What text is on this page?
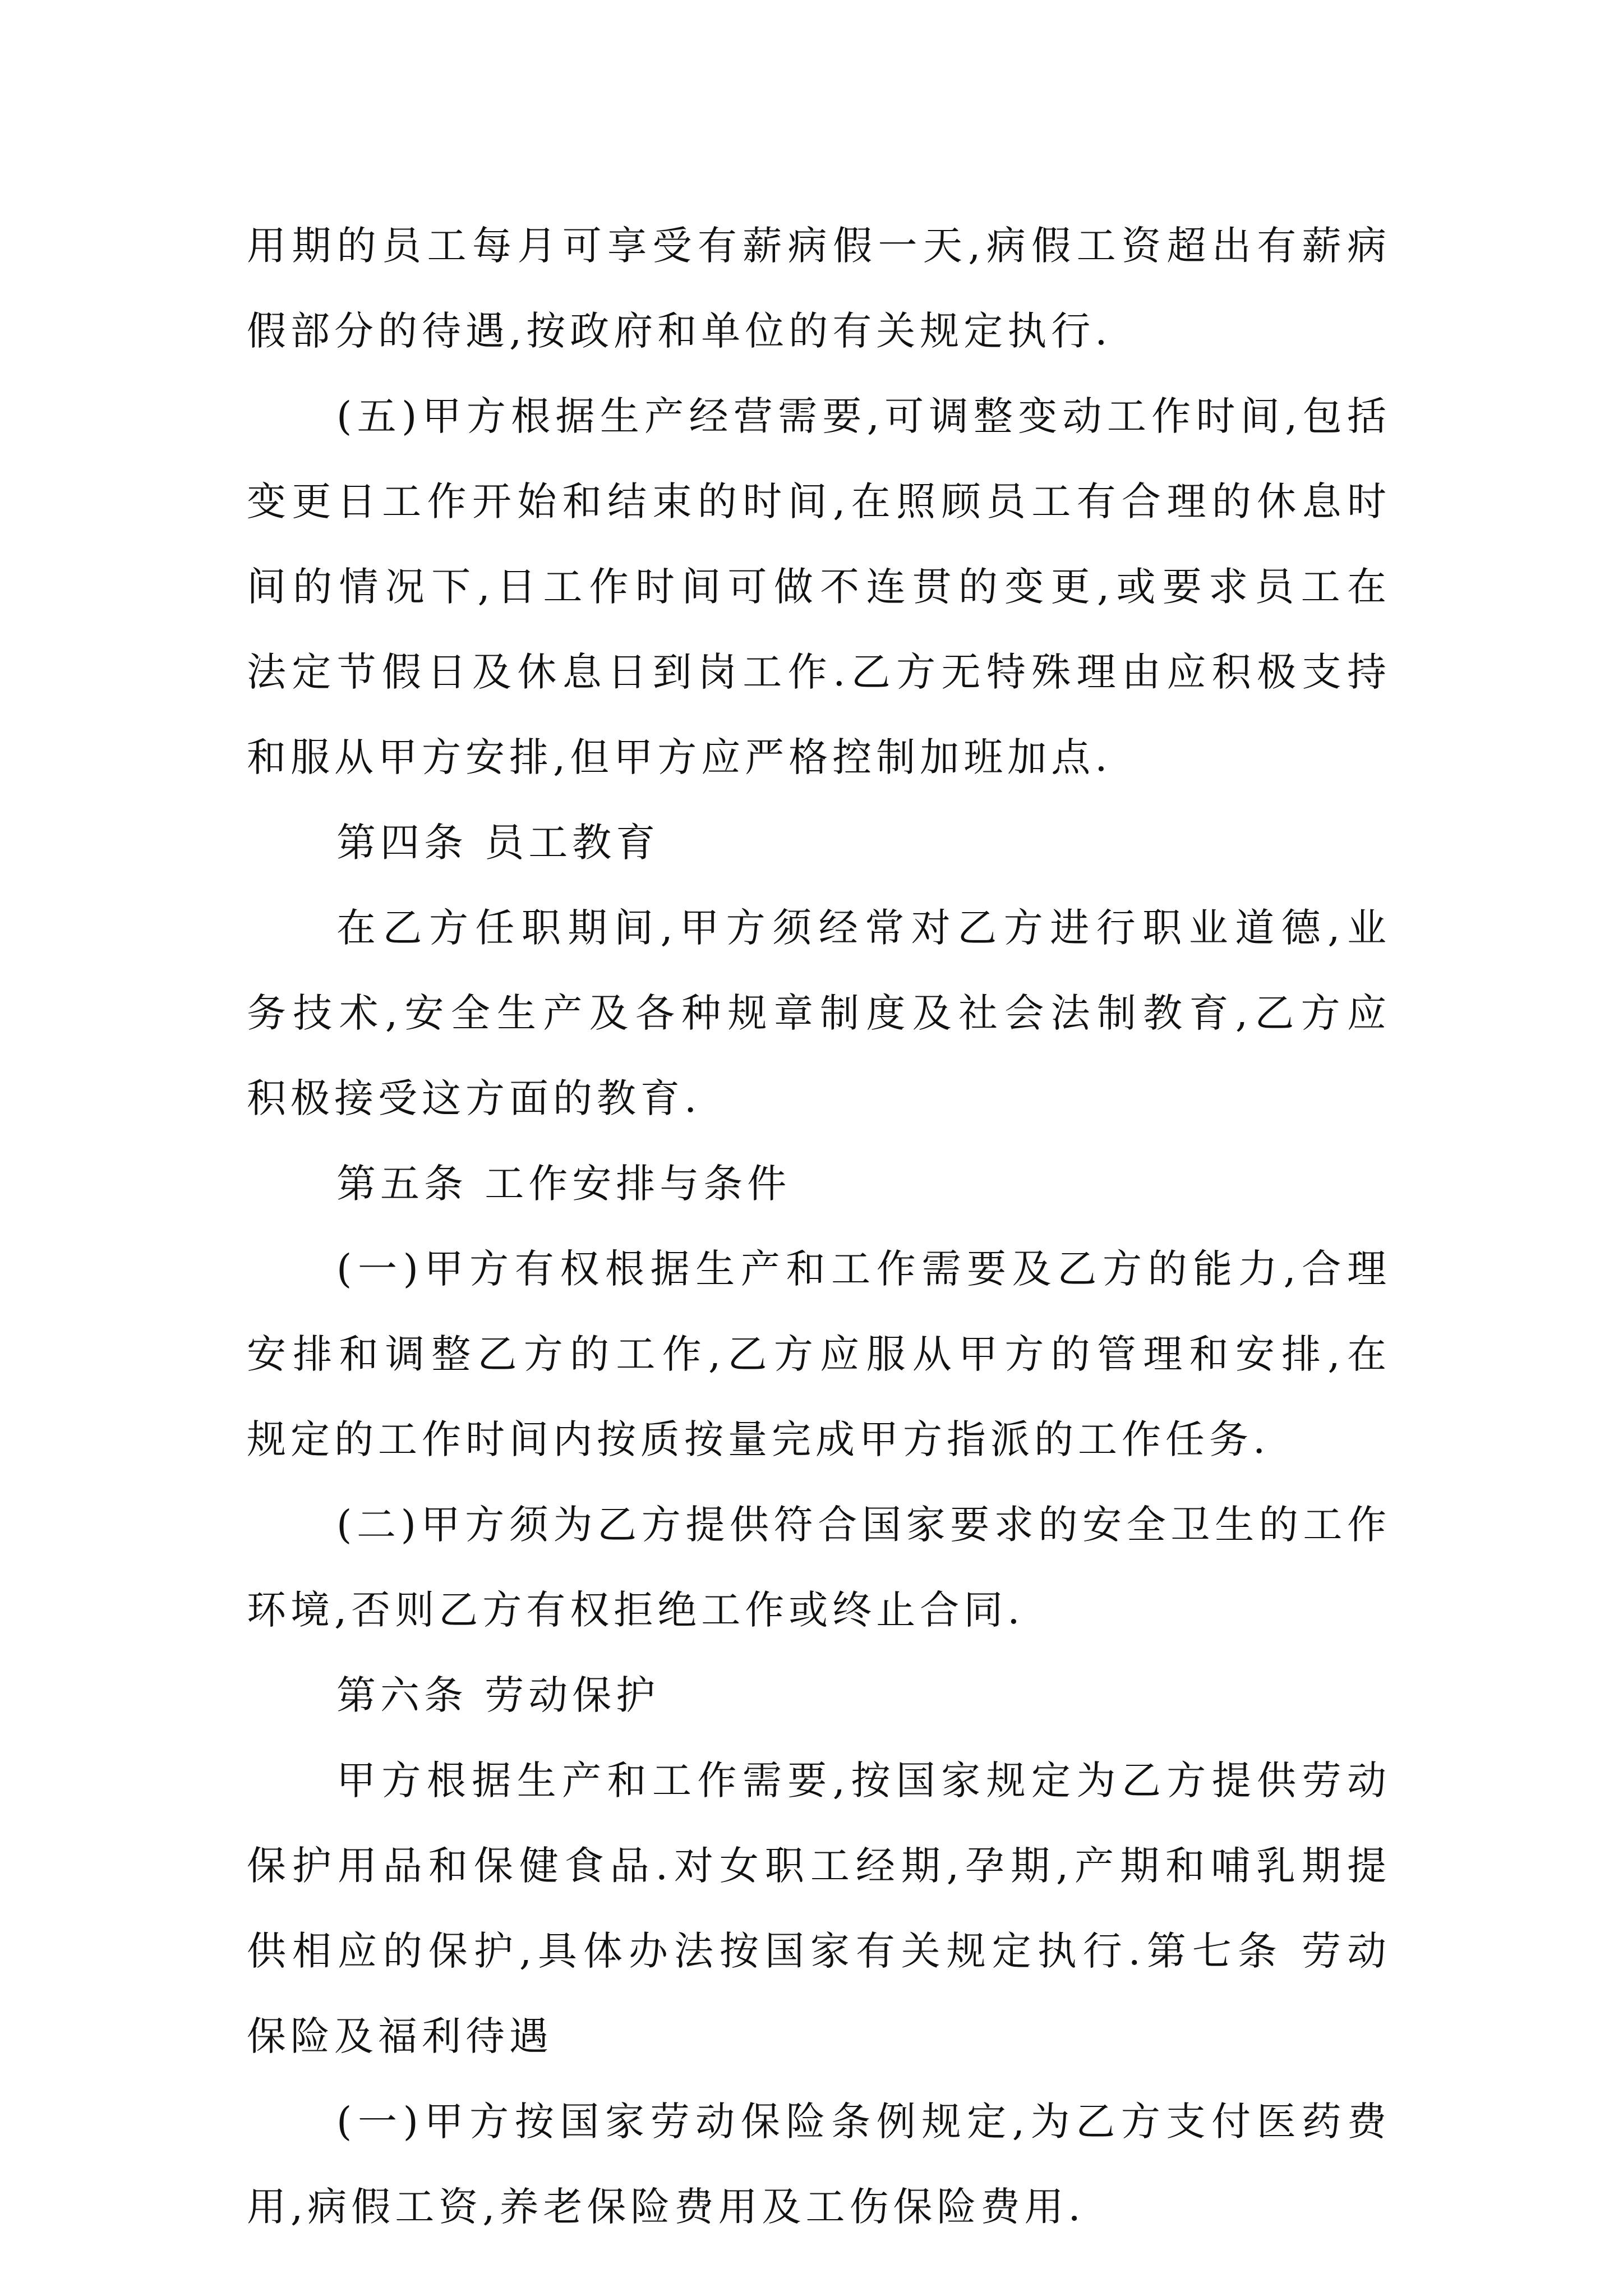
用期的员工每月可享受有薪病假一天,病假工资超出有薪病
假部分的待遇,按政府和单位的有关规定执行.
(五)甲方根据生产经营需要,可调整变动工作时间,包括
变更日工作开始和结束的时间,在照顾员工有合理的休息时
间的情况下,日工作时间可做不连贯的变更,或要求员工在
法定节假日及休息日到岗工作.乙方无特殊理由应积极支持
和服从甲方安排,但甲方应严格控制加班加点.
第四条 员工教育
在乙方任职期间,甲方须经常对乙方进行职业道德,业
务技术,安全生产及各种规章制度及社会法制教育,乙方应
积极接受这方面的教育.
第五条 工作安排与条件
(一)甲方有权根据生产和工作需要及乙方的能力,合理
安排和调整乙方的工作,乙方应服从甲方的管理和安排,在
规定的工作时间内按质按量完成甲方指派的工作任务.
(二)甲方须为乙方提供符合国家要求的安全卫生的工作
环境,否则乙方有权拒绝工作或终止合同.
第六条 劳动保护
甲方根据生产和工作需要,按国家规定为乙方提供劳动
保护用品和保健食品.对女职工经期,孕期,产期和哺乳期提
供相应的保护,具体办法按国家有关规定执行.第七条 劳动
保险及福利待遇
(一)甲方按国家劳动保险条例规定,为乙方支付医药费
用,病假工资,养老保险费用及工伤保险费用.
